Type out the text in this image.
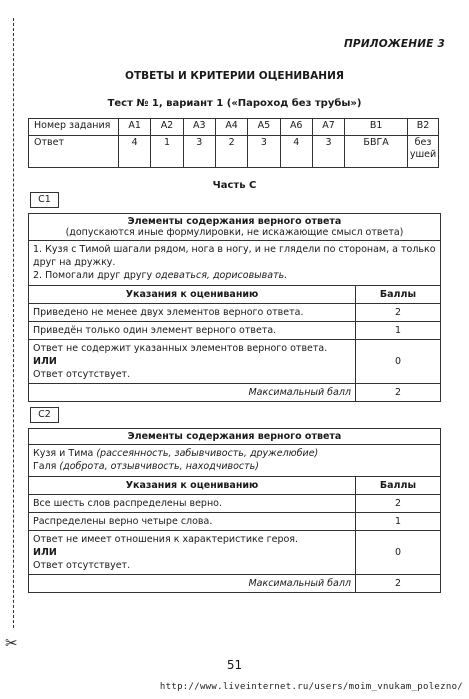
✂
ПРИЛОЖЕНИЕ 3
ОТВЕТЫ И КРИТЕРИИ ОЦЕНИВАНИЯ
Тест № 1, вариант 1 («Пароход без трубы»)
Номер задания	А1	А2	А3	А4	А5	А6	А7	В1	В2
Ответ	4	1	3	2	3	4	3	БВГА	без ушей
Часть С
С1
Элементы содержания верного ответа
(допускаются иные формулировки, не искажающие смысл ответа)
1. Кузя с Тимой шагали рядом, нога в ногу, и не глядели по сторонам, а только друг на дружку.
2. Помогали друг другу одеваться, дорисовывать.
Указания к оцениванию	Баллы
Приведено не менее двух элементов верного ответа.	2
Приведён только один элемент верного ответа.	1

Ответ не содержит указанных элементов верного ответа.
ИЛИ
Ответ отсутствует.	0
Максимальный балл	2
С2
Элементы содержания верного ответа
Кузя и Тима (рассеянность, забывчивость, дружелюбие)
Галя (доброта, отзывчивость, находчивость)
Указания к оцениванию	Баллы
Все шесть слов распределены верно.	2
Распределены верно четыре слова.	1

Ответ не имеет отношения к характеристике героя.
ИЛИ
Ответ отсутствует.	0
Максимальный балл	2
51
http://www.liveinternet.ru/users/moim_vnukam_polezno/
